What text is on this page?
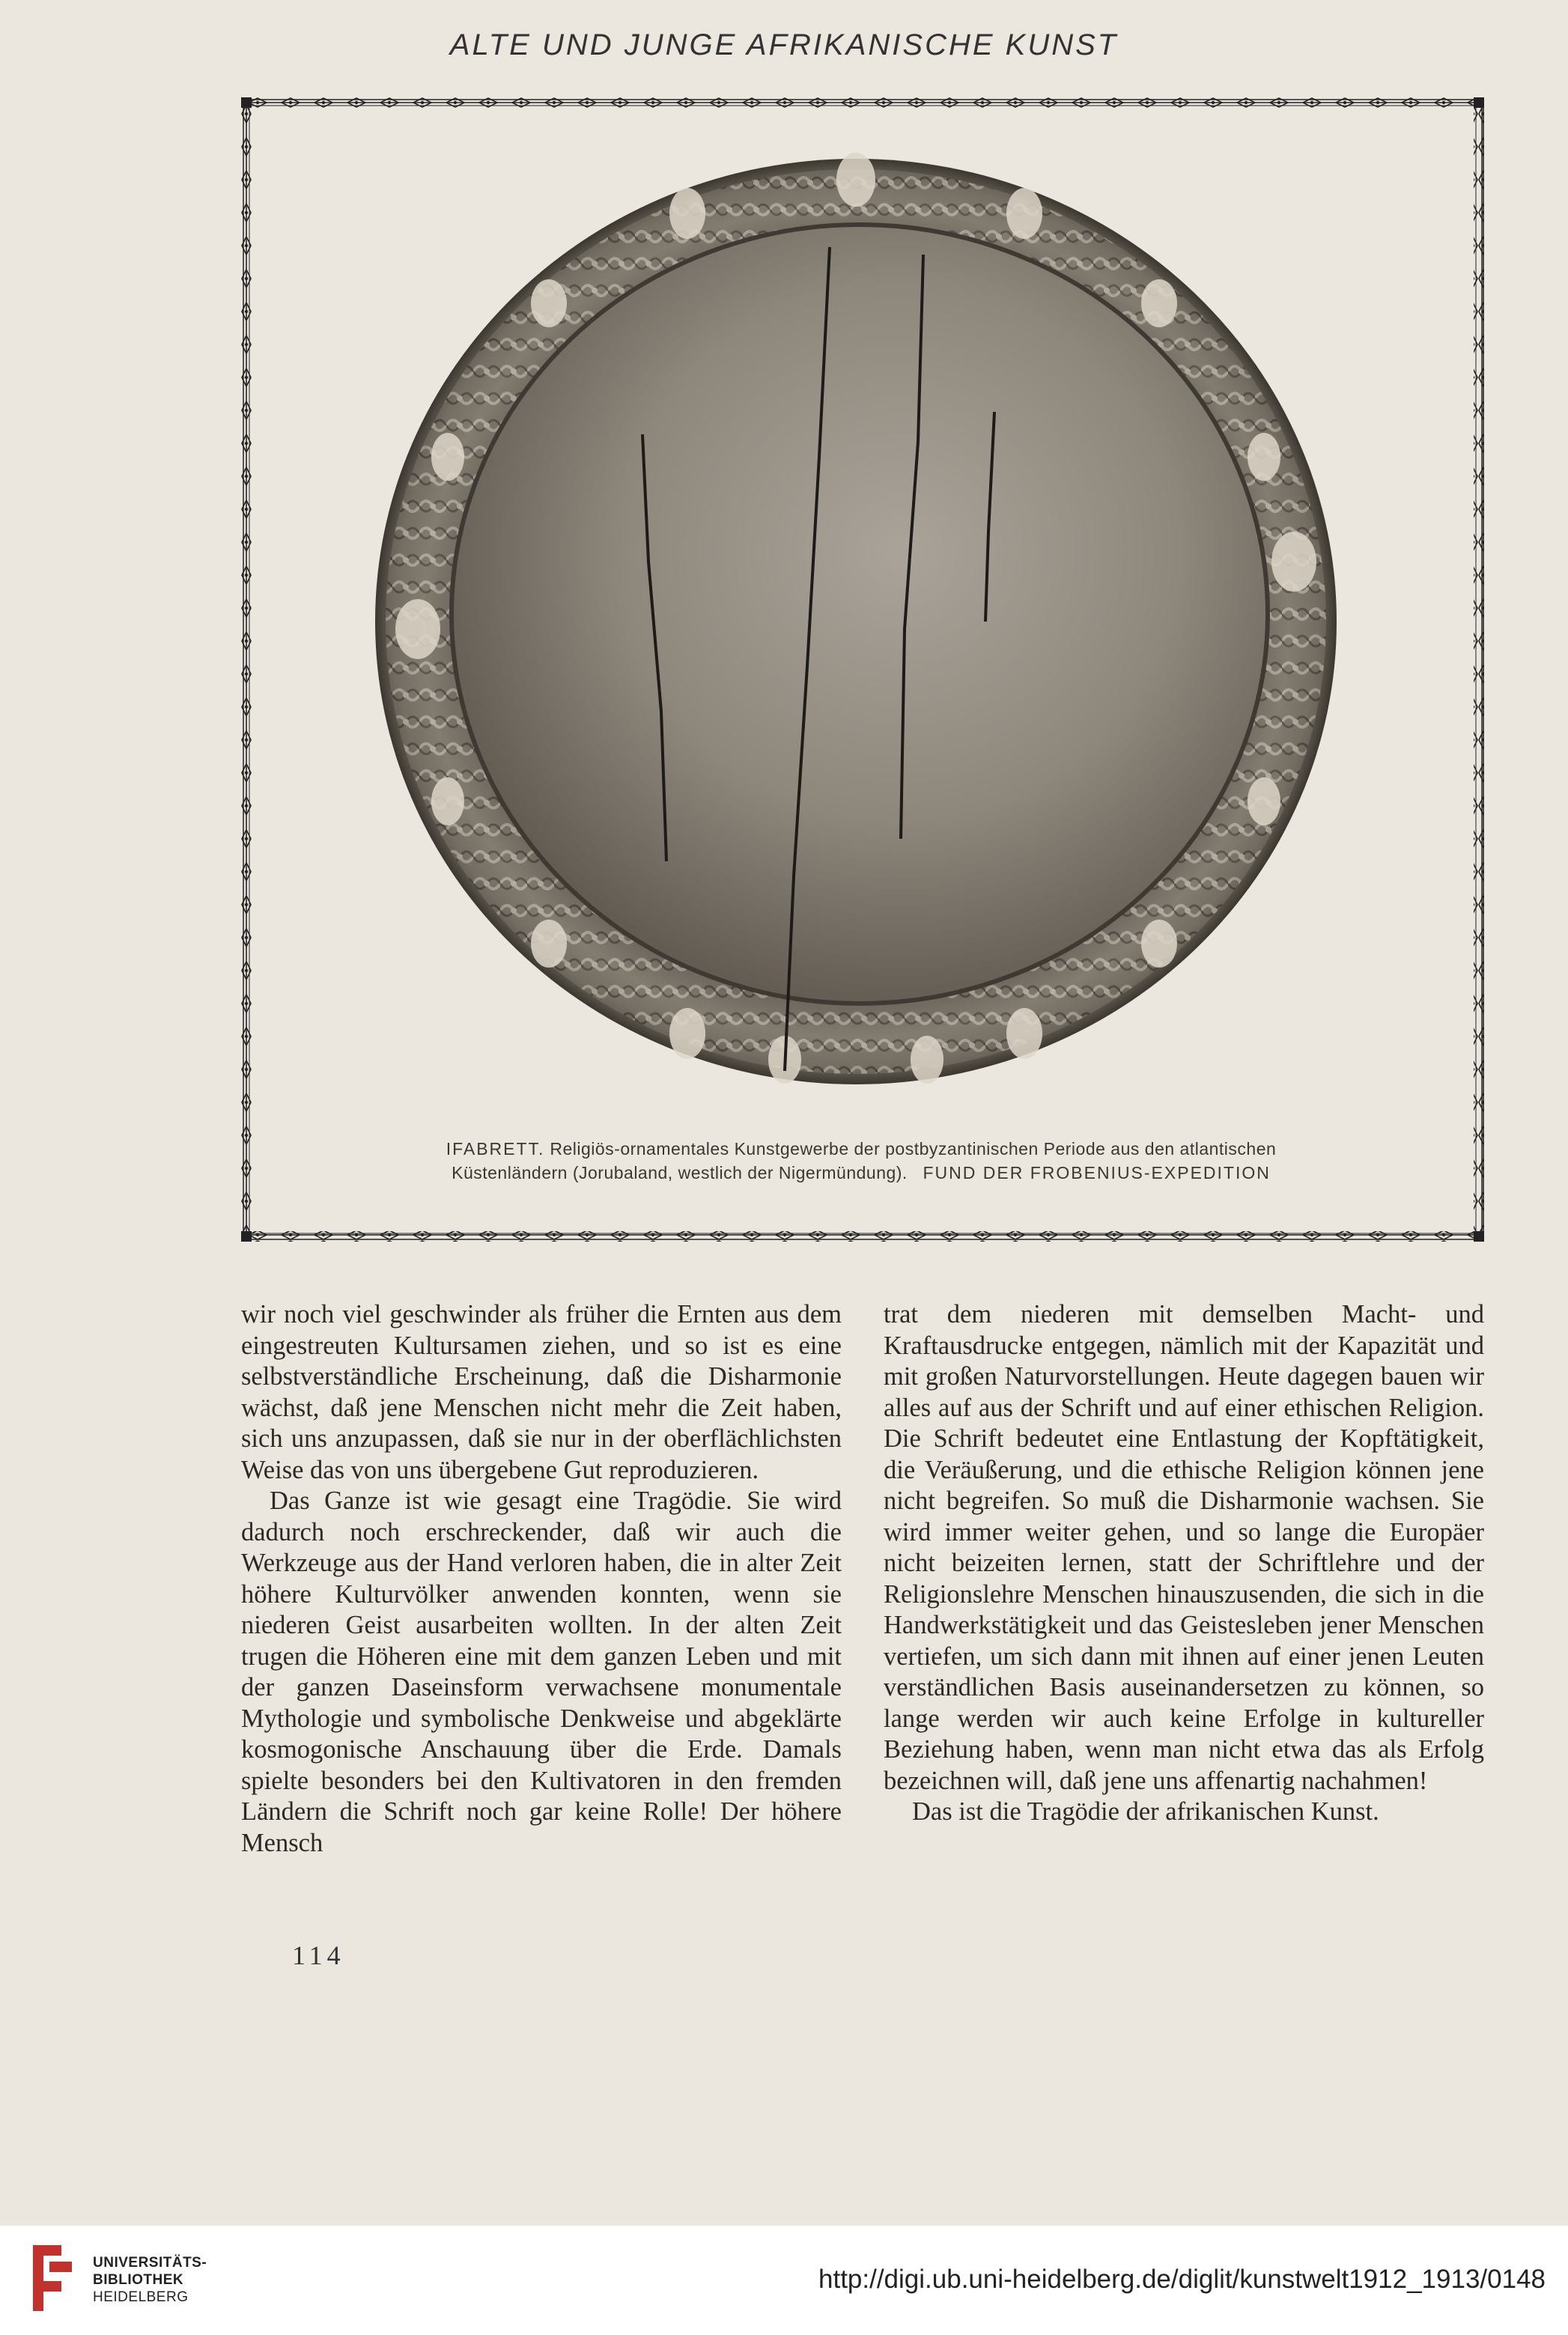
ALTE UND JUNGE AFRIKANISCHE KUNST
IFABRETT. Religiös-ornamentales Kunstgewerbe der postbyzantinischen Periode aus den atlantischen
Küstenländern (Jorubaland, westlich der Nigermündung). FUND DER FROBENIUS-EXPEDITION

wir noch viel geschwinder als früher die Ernten aus dem eingestreuten Kultursamen ziehen, und so ist es eine selbstverständliche Erscheinung, daß die Disharmonie wächst, daß jene Menschen nicht mehr die Zeit haben, sich uns anzupassen, daß sie nur in der oberflächlichsten Weise das von uns übergebene Gut reproduzieren.

Das Ganze ist wie gesagt eine Tragödie. Sie wird dadurch noch erschreckender, daß wir auch die Werkzeuge aus der Hand verloren haben, die in alter Zeit höhere Kulturvölker anwenden konnten, wenn sie niederen Geist ausarbeiten wollten. In der alten Zeit trugen die Höheren eine mit dem ganzen Leben und mit der ganzen Daseinsform verwachsene monumentale Mythologie und symbolische Denkweise und abgeklärte kosmogonische Anschauung über die Erde. Damals spielte besonders bei den Kultivatoren in den fremden Ländern die Schrift noch gar keine Rolle! Der höhere Mensch

trat dem niederen mit demselben Macht- und Kraftausdrucke entgegen, nämlich mit der Kapazität und mit großen Naturvorstellungen. Heute dagegen bauen wir alles auf aus der Schrift und auf einer ethischen Religion. Die Schrift bedeutet eine Entlastung der Kopftätigkeit, die Veräußerung, und die ethische Religion können jene nicht begreifen. So muß die Disharmonie wachsen. Sie wird immer weiter gehen, und so lange die Europäer nicht beizeiten lernen, statt der Schriftlehre und der Religionslehre Menschen hinauszusenden, die sich in die Handwerkstätigkeit und das Geistesleben jener Menschen vertiefen, um sich dann mit ihnen auf einer jenen Leuten verständlichen Basis auseinandersetzen zu können, so lange werden wir auch keine Erfolge in kultureller Beziehung haben, wenn man nicht etwa das als Erfolg bezeichnen will, daß jene uns affenartig nachahmen!

Das ist die Tragödie der afrikanischen Kunst.

114
UNIVERSITÄTS-
BIBLIOTHEK
HEIDELBERG
http://digi.ub.uni-heidelberg.de/diglit/kunstwelt1912_1913/0148
